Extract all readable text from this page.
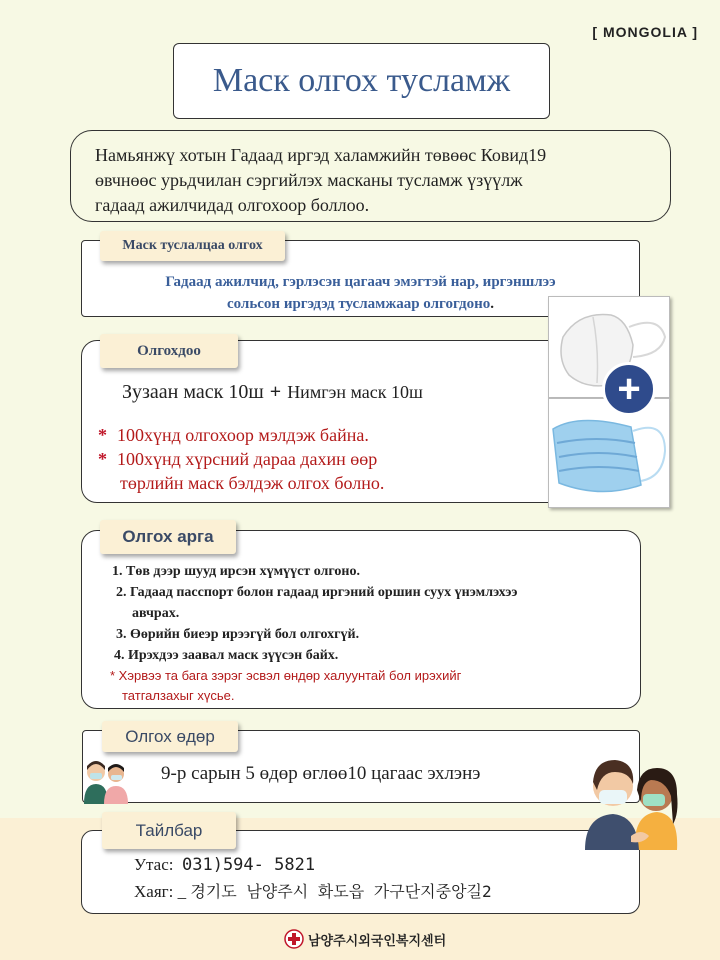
[ MONGOLIA ]
Маск олгох тусламж
Намьянжү хотын Гадаад иргэд халамжийн төвөөс Ковид19
өвчнөөс урьдчилан сэргийлэх масканы тусламж үзүүлж
гадаад ажилчидад олгохоор боллоо.
Гадаад ажилчид, гэрлэсэн цагаач эмэгтэй нар, иргэншлээ
сольсон иргэдэд тусламжаар олгогдоно.
Маск туслалцаа олгох
Зузаан маск 10ш + Нимгэн маск 10ш
* 100хүнд олгохоор мэлдэж байна.
* 100хүнд хүрсний дараа дахин өөр
төрлийн маск бэлдэж олгох болно.
Олгохдоо
+
1. Төв дээр шууд ирсэн хүмүүст олгоно.
2. Гадаад пасспорт болон гадаад иргэний оршин суух үнэмлэхээ
авчрах.
3. Өөрийн биеэр ирээгүй бол олгохгүй.
4. Ирэхдээ заавал маск зүүсэн байх.
* Хэрвээ та бага зэрэг эсвэл өндөр халуунтай бол ирэхийг
татгалзахыг хүсье.
Олгох арга
9-р сарын 5 өдөр өглөө10 цагаас эхлэнэ
Олгох өдөр
Утас: 031)594- 5821
Хаяг: _ 경기도 남양주시 화도읍 가구단지중앙길2
Тайлбар
남양주시외국인복지센터
